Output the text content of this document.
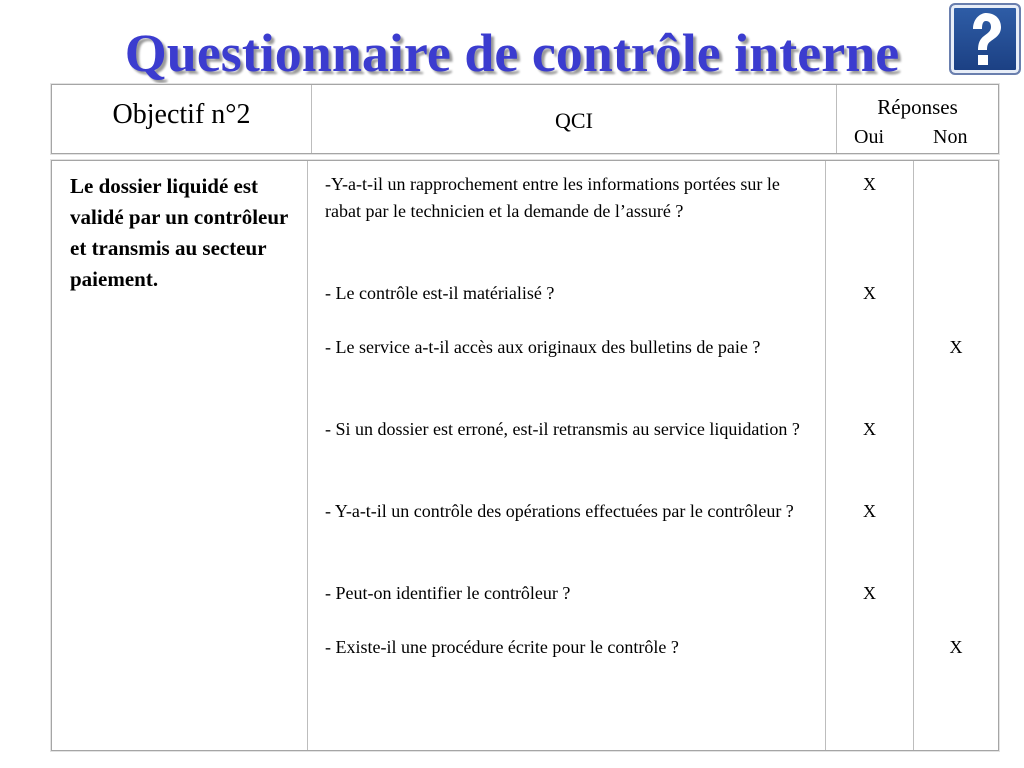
Questionnaire de contrôle interne
Objectif n°2	QCI
Réponses
Oui Non
Le dossier liquidé est validé par un contrôleur et transmis au secteur paiement.
-Y-a-t-il un rapprochement entre les informations portées sur le rabat par le technicien et la demande de l’assuré ?
- Le contrôle est-il matérialisé ?
- Le service a-t-il accès aux originaux des bulletins de paie ?
- Si un dossier est erroné, est-il retransmis au service liquidation ?
- Y-a-t-il un contrôle des opérations effectuées par le contrôleur ?
- Peut-on identifier le contrôleur ?
- Existe-il une procédure écrite pour le contrôle ?
X
X
X
X
X
X
X
